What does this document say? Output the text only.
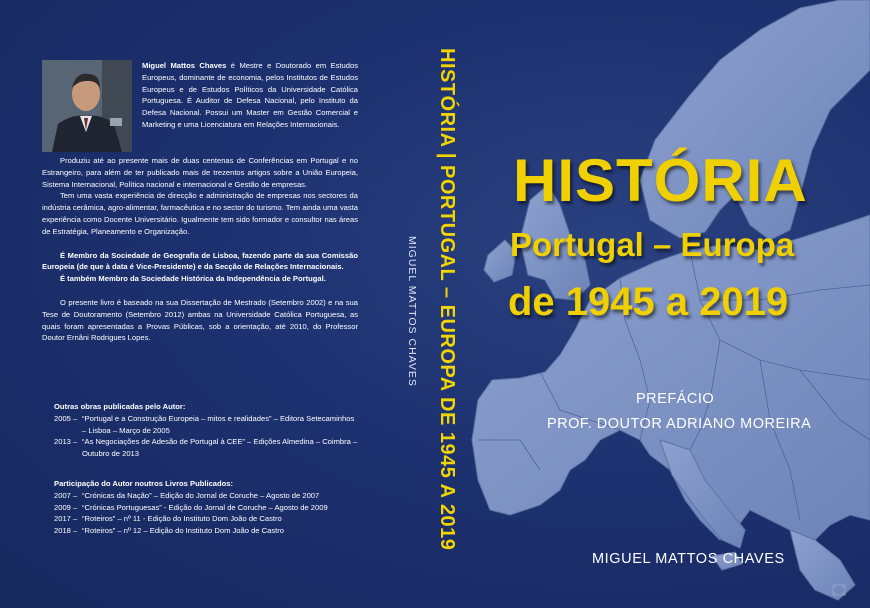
Miguel Mattos Chaves é Mestre e Doutorado em Estudos Europeus, dominante de economia, pelos Institutos de Estudos Europeus e de Estudos Políticos da Universidade Católica Portuguesa. É Auditor de Defesa Nacional, pelo Instituto da Defesa Nacional. Possui um Master em Gestão Comercial e Marketing e uma Licenciatura em Relações Internacionais.

Produziu até ao presente mais de duas centenas de Conferências em Portugal e no Estrangeiro, para além de ter publicado mais de trezentos artigos sobre a União Europeia, Sistema Internacional, Política nacional e internacional e Gestão de empresas.

Tem uma vasta experiência de direcção e administração de empresas nos sectores da indústria cerâmica, agro-alimentar, farmacêutica e no sector do turismo. Tem ainda uma vasta experiência como Docente Universitário. Igualmente tem sido formador e consultor nas áreas de Estratégia, Planeamento e Organização.

É Membro da Sociedade de Geografia de Lisboa, fazendo parte da sua Comissão Europeia (de que à data é Vice-Presidente) e da Secção de Relações Internacionais.

É também Membro da Sociedade Histórica da Independência de Portugal.

O presente livro é baseado na sua Dissertação de Mestrado (Setembro 2002) e na sua Tese de Doutoramento (Setembro 2012) ambas na Universidade Católica Portuguesa, as quais foram apresentadas a Provas Públicas, sob a orientação, até 2010, do Professor Doutor Ernâni Rodrigues Lopes.

Outras obras publicadas pelo Autor:
2005 – “Portugal e a Construção Europeia – mitos e realidades” – Editora Setecaminhos – Lisboa – Março de 2005
2013 – “As Negociações de Adesão de Portugal à CEE” – Edições Almedina – Coimbra – Outubro de 2013
Participação do Autor noutros Livros Publicados:
2007 – “Crónicas da Nação” – Edição do Jornal de Coruche – Agosto de 2007
2009 – “Crónicas Portuguesas” - Edição do Jornal de Coruche – Agosto de 2009
2017 – “Roteiros” – nº 11 - Edição do Instituto Dom João de Castro
2018 – “Roteiros” – nº 12 – Edição do Instituto Dom João de Castro	HISTÓRIA | PORTUGAL – EUROPA DE 1945 A 2019
MIGUEL MATTOS CHAVES
HISTÓRIA
Portugal – Europa
de 1945 a 2019
PREFÁCIO
PROF. DOUTOR ADRIANO MOREIRA
MIGUEL MATTOS CHAVES
